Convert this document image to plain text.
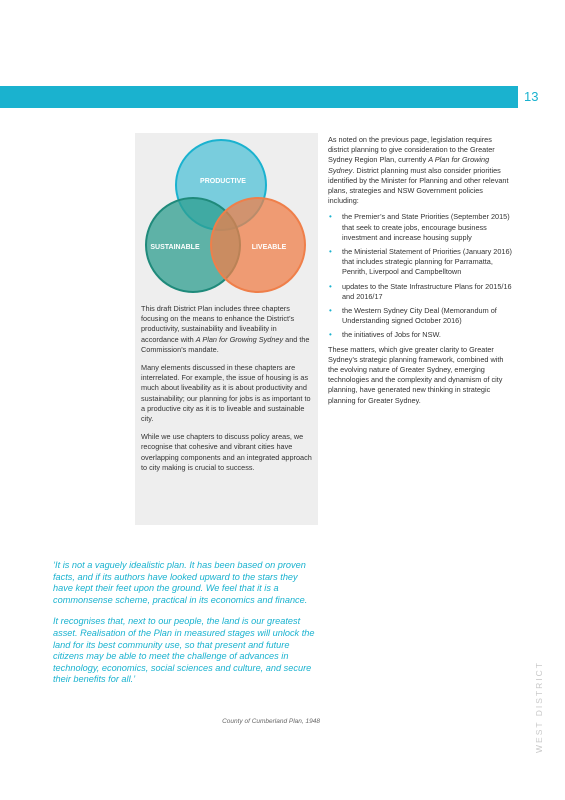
13
PRODUCTIVE
SUSTAINABLE	LIVEABLE

This draft District Plan includes three chapters focusing on the means to enhance the District’s productivity, sustainability and liveability in accordance with A Plan for Growing Sydney and the Commission’s mandate.

Many elements discussed in these chapters are interrelated. For example, the issue of housing is as much about liveability as it is about productivity and sustainability; our planning for jobs is as important to a productive city as it is to liveable and sustainable city.

While we use chapters to discuss policy areas, we recognise that cohesive and vibrant cities have overlapping components and an integrated approach to city making is crucial to success.

As noted on the previous page, legislation requires district planning to give consideration to the Greater Sydney Region Plan, currently A Plan for Growing Sydney. District planning must also consider priorities identified by the Minister for Planning and other relevant plans, strategies and NSW Government policies including:

• the Premier’s and State Priorities (September 2015) that seek to create jobs, encourage business investment and increase housing supply
• the Ministerial Statement of Priorities (January 2016) that includes strategic planning for Parramatta, Penrith, Liverpool and Campbelltown
• updates to the State Infrastructure Plans for 2015/16 and 2016/17
• the Western Sydney City Deal (Memorandum of Understanding signed October 2016)
• the initiatives of Jobs for NSW.

These matters, which give greater clarity to Greater Sydney’s strategic planning framework, combined with the evolving nature of Greater Sydney, emerging technologies and the complexity and dynamism of city planning, have generated new thinking in strategic planning for Greater Sydney.

‘It is not a vaguely idealistic plan. It has been based on proven facts, and if its authors have looked upward to the stars they have kept their feet upon the ground. We feel that it is a commonsense scheme, practical in its economics and finance.

It recognises that, next to our people, the land is our greatest asset. Realisation of the Plan in measured stages will unlock the land for its best community use, so that present and future citizens may be able to meet the challenge of advances in technology, economics, social sciences and culture, and secure their benefits for all.’

County of Cumberland Plan, 1948	WEST DISTRICT
